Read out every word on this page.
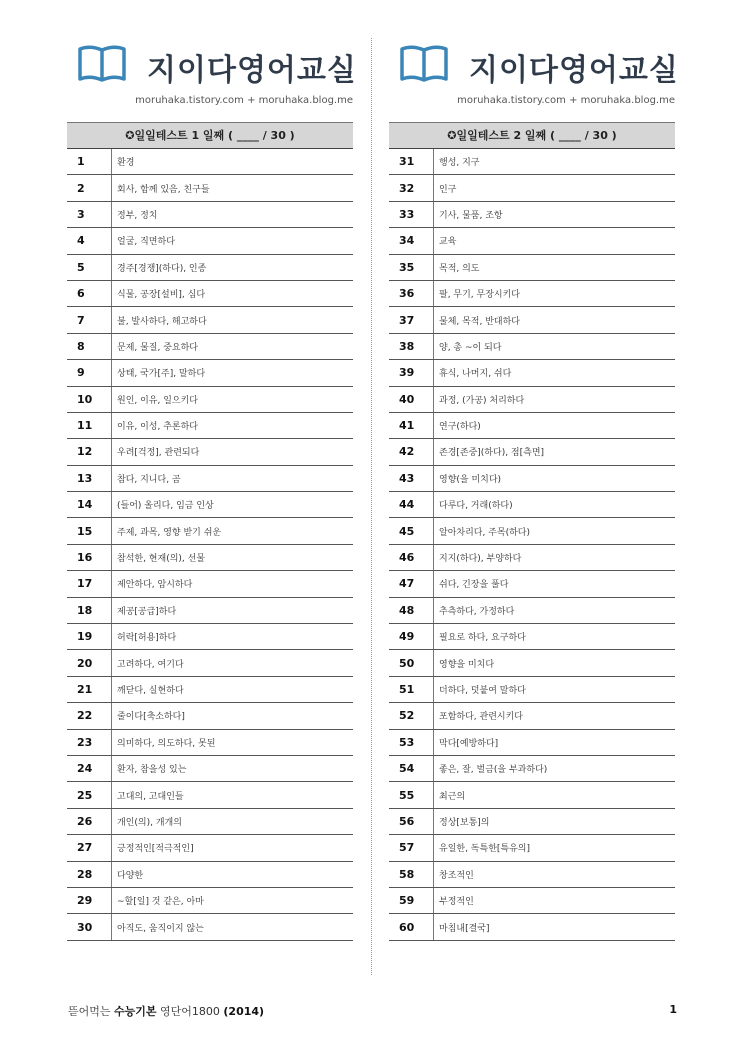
지이다영어교실
moruhaka.tistory.com + moruhaka.blog.me
✪일일테스트 1 일째 ( ____ / 30 )
1	환경
2	회사, 함께 있음, 친구들
3	정부, 정치
4	얼굴, 직면하다
5	경주[경쟁](하다), 인종
6	식물, 공장[설비], 심다
7	불, 발사하다, 해고하다
8	문제, 물질, 중요하다
9	상태, 국가[주], 말하다
10	원인, 이유, 일으키다
11	이유, 이성, 추론하다
12	우려[걱정], 관련되다
13	참다, 지니다, 곰
14	(들어) 올리다, 임금 인상
15	주제, 과목, 영향 받기 쉬운
16	참석한, 현재(의), 선물
17	제안하다, 암시하다
18	제공[공급]하다
19	허락[허용]하다
20	고려하다, 여기다
21	깨닫다, 실현하다
22	줄이다[축소하다]
23	의미하다, 의도하다, 못된
24	환자, 참을성 있는
25	고대의, 고대인들
26	개인(의), 개개의
27	긍정적인[적극적인]
28	다양한
29	~할[일] 것 같은, 아마
30	아직도, 움직이지 않는
지이다영어교실
moruhaka.tistory.com + moruhaka.blog.me
✪일일테스트 2 일째 ( ____ / 30 )
31	행성, 지구
32	인구
33	기사, 물품, 조항
34	교육
35	목적, 의도
36	팔, 무기, 무장시키다
37	물체, 목적, 반대하다
38	양, 총 ~이 되다
39	휴식, 나머지, 쉬다
40	과정, (가공) 처리하다
41	연구(하다)
42	존경[존중](하다), 점[측면]
43	영향(을 미치다)
44	다루다, 거래(하다)
45	알아차리다, 주목(하다)
46	지지(하다), 부양하다
47	쉬다, 긴장을 풀다
48	추측하다, 가정하다
49	필요로 하다, 요구하다
50	영향을 미치다
51	더하다, 덧붙여 말하다
52	포함하다, 관련시키다
53	막다[예방하다]
54	좋은, 잘, 벌금(을 부과하다)
55	최근의
56	정상[보통]의
57	유일한, 독특한[특유의]
58	창조적인
59	부정적인
60	마침내[결국]
뜯어먹는 수능기본 영단어1800 (2014)	1
